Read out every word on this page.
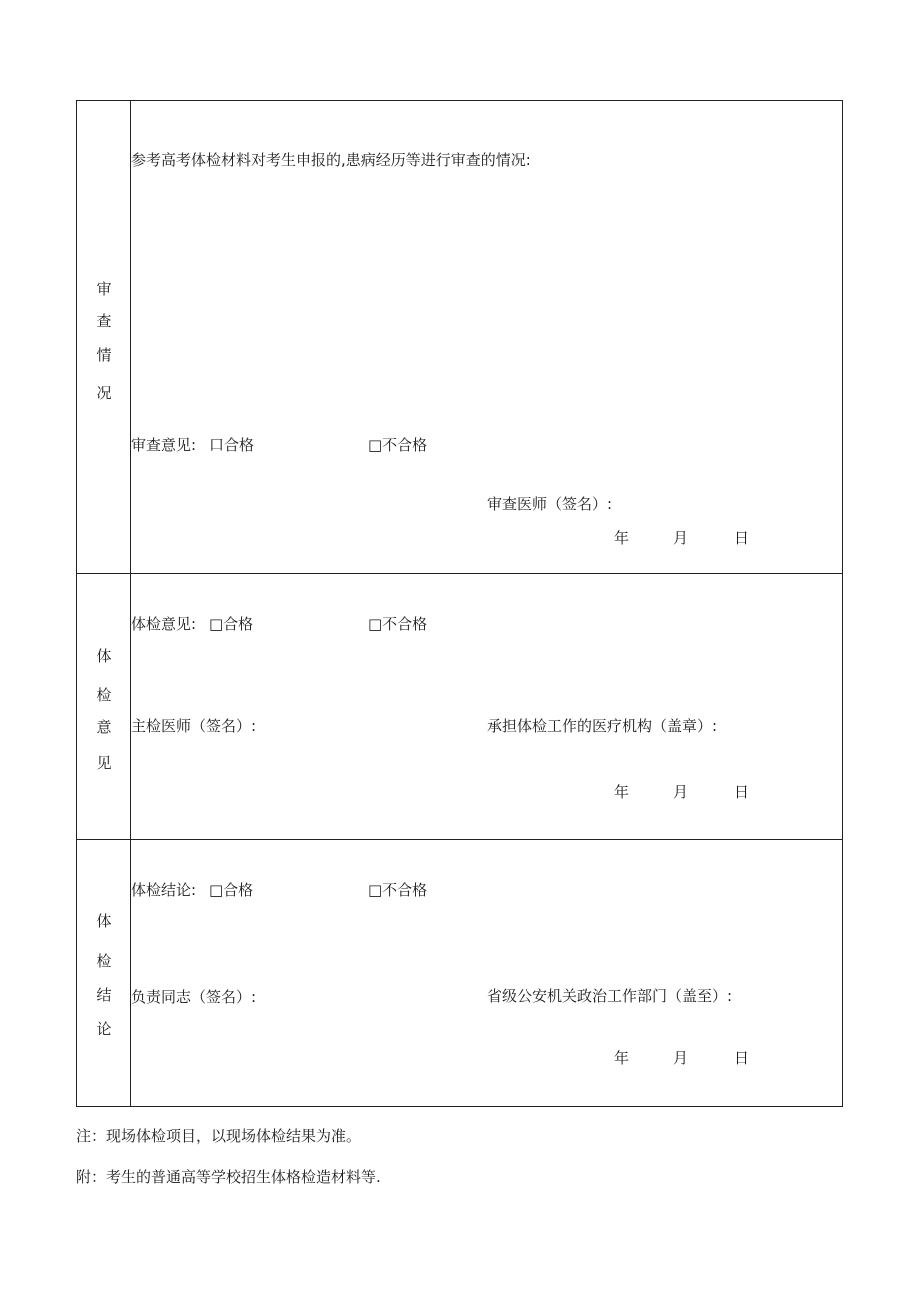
审
查
情
况
参考高考体检材料对考生申报的,患病经历等进行审查的情况:
审查意见: 口合格	□不合格
审查医师（签名）:
年	月	日
体
检
意
见
体检意见: □合格	□不合格
主检医师（签名）:	承担体检工作的医疗机构（盖章）:
年	月	日
体
检
结
论
体检结论: □合格	□不合格
负责同志（签名）:	省级公安机关政治工作部门（盖至）:
年	月	日
注：现场体检项目，以现场体检结果为准。
附：考生的普通高等学校招生体格检造材料等.
